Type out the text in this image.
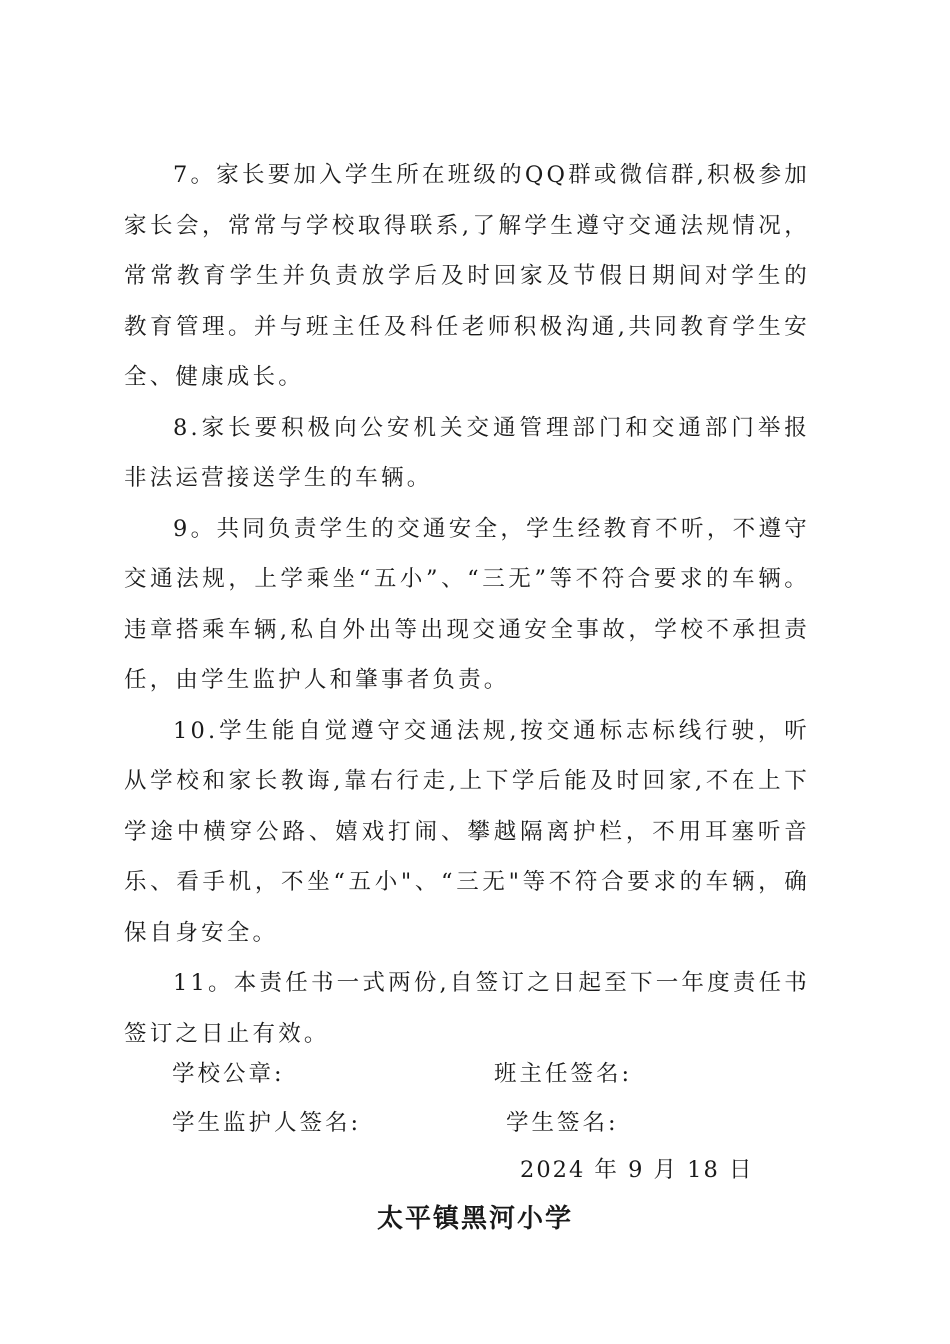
7。家长要加入学生所在班级的QQ群或微信群,积极参加家长会，常常与学校取得联系,了解学生遵守交通法规情况，常常教育学生并负责放学后及时回家及节假日期间对学生的教育管理。并与班主任及科任老师积极沟通,共同教育学生安全、健康成长。

8.家长要积极向公安机关交通管理部门和交通部门举报非法运营接送学生的车辆。

9。共同负责学生的交通安全，学生经教育不听，不遵守交通法规，上学乘坐“五小”、“三无”等不符合要求的车辆。违章搭乘车辆,私自外出等出现交通安全事故，学校不承担责任，由学生监护人和肇事者负责。

10.学生能自觉遵守交通法规,按交通标志标线行驶，听从学校和家长教诲,靠右行走,上下学后能及时回家,不在上下学途中横穿公路、嬉戏打闹、攀越隔离护栏，不用耳塞听音乐、看手机，不坐“五小"、“三无"等不符合要求的车辆，确保自身安全。

11。本责任书一式两份,自签订之日起至下一年度责任书签订之日止有效。

学校公章:	班主任签名:
学生监护人签名:	学生签名:
2024 年 9 月 18 日
太平镇黑河小学
